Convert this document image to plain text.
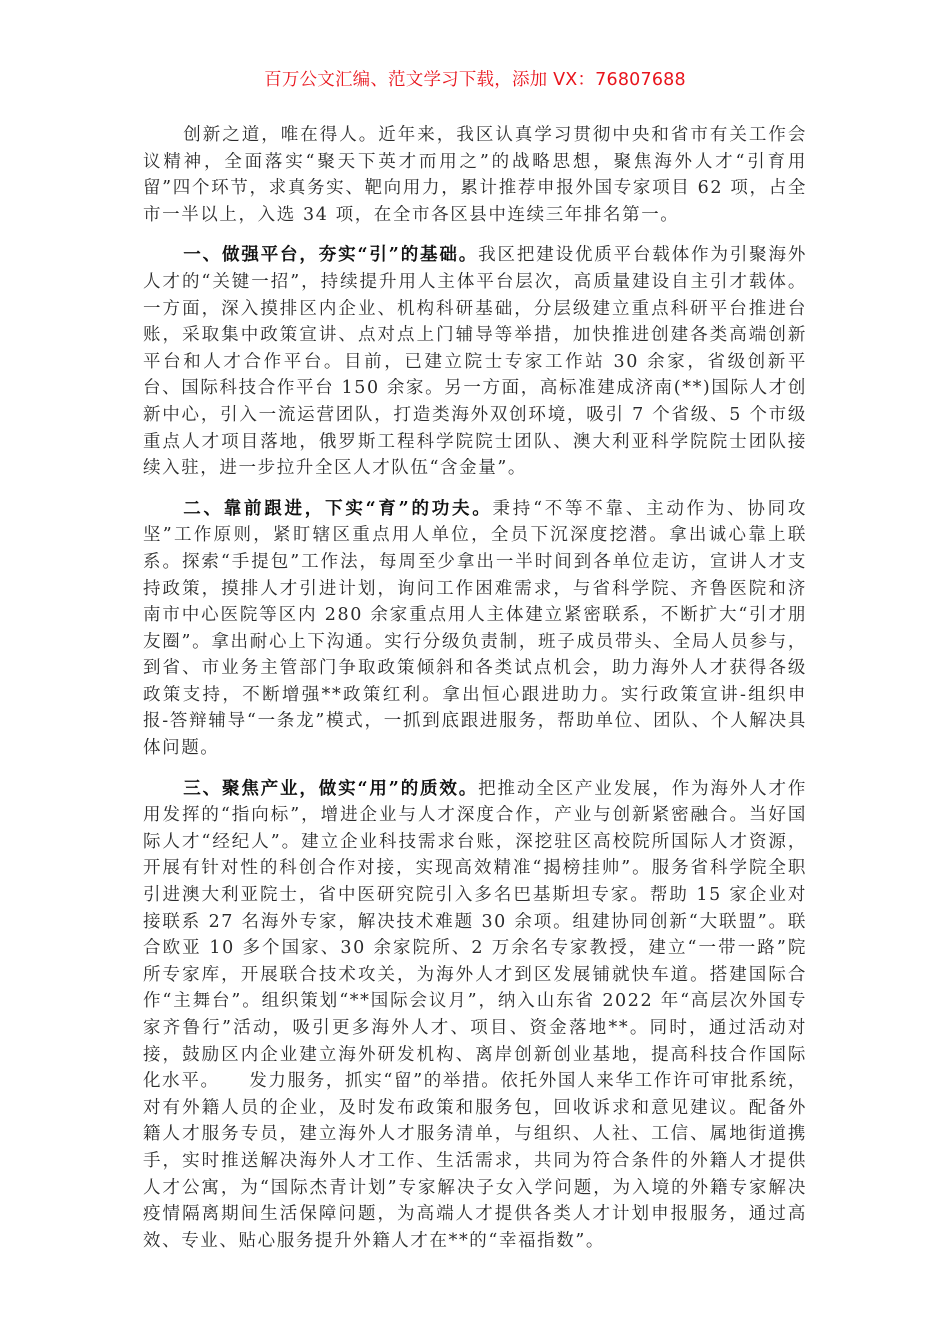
百万公文汇编、范文学习下载，添加 VX：76807688

创新之道，唯在得人。近年来，我区认真学习贯彻中央和省市有关工作会议精神，全面落实“聚天下英才而用之”的战略思想，聚焦海外人才“引育用留”四个环节，求真务实、靶向用力，累计推荐申报外国专家项目 62 项，占全市一半以上，入选 34 项，在全市各区县中连续三年排名第一。

一、做强平台，夯实“引”的基础。我区把建设优质平台载体作为引聚海外人才的“关键一招”，持续提升用人主体平台层次，高质量建设自主引才载体。一方面，深入摸排区内企业、机构科研基础，分层级建立重点科研平台推进台账，采取集中政策宣讲、点对点上门辅导等举措，加快推进创建各类高端创新平台和人才合作平台。目前，已建立院士专家工作站 30 余家，省级创新平台、国际科技合作平台 150 余家。另一方面，高标准建成济南(**)国际人才创新中心，引入一流运营团队，打造类海外双创环境，吸引 7 个省级、5 个市级重点人才项目落地，俄罗斯工程科学院院士团队、澳大利亚科学院院士团队接续入驻，进一步拉升全区人才队伍“含金量”。

二、靠前跟进，下实“育”的功夫。秉持“不等不靠、主动作为、协同攻坚”工作原则，紧盯辖区重点用人单位，全员下沉深度挖潜。拿出诚心靠上联系。探索“手提包”工作法，每周至少拿出一半时间到各单位走访，宣讲人才支持政策，摸排人才引进计划，询问工作困难需求，与省科学院、齐鲁医院和济南市中心医院等区内 280 余家重点用人主体建立紧密联系，不断扩大“引才朋友圈”。拿出耐心上下沟通。实行分级负责制，班子成员带头、全局人员参与，到省、市业务主管部门争取政策倾斜和各类试点机会，助力海外人才获得各级政策支持，不断增强**政策红利。拿出恒心跟进助力。实行政策宣讲-组织申报-答辩辅导“一条龙”模式，一抓到底跟进服务，帮助单位、团队、个人解决具体问题。

三、聚焦产业，做实“用”的质效。把推动全区产业发展，作为海外人才作用发挥的“指向标”，增进企业与人才深度合作，产业与创新紧密融合。当好国际人才“经纪人”。建立企业科技需求台账，深挖驻区高校院所国际人才资源，开展有针对性的科创合作对接，实现高效精准“揭榜挂帅”。服务省科学院全职引进澳大利亚院士，省中医研究院引入多名巴基斯坦专家。帮助 15 家企业对接联系 27 名海外专家，解决技术难题 30 余项。组建协同创新“大联盟”。联合欧亚 10 多个国家、30 余家院所、2 万余名专家教授，建立“一带一路”院所专家库，开展联合技术攻关，为海外人才到区发展铺就快车道。搭建国际合作“主舞台”。组织策划“**国际会议月”，纳入山东省 2022 年“高层次外国专家齐鲁行”活动，吸引更多海外人才、项目、资金落地**。同时，通过活动对接，鼓励区内企业建立海外研发机构、离岸创新创业基地，提高科技合作国际化水平。　　发力服务，抓实“留”的举措。依托外国人来华工作许可审批系统，对有外籍人员的企业，及时发布政策和服务包，回收诉求和意见建议。配备外籍人才服务专员，建立海外人才服务清单，与组织、人社、工信、属地街道携手，实时推送解决海外人才工作、生活需求，共同为符合条件的外籍人才提供人才公寓，为“国际杰青计划”专家解决子女入学问题，为入境的外籍专家解决疫情隔离期间生活保障问题，为高端人才提供各类人才计划申报服务，通过高效、专业、贴心服务提升外籍人才在**的“幸福指数”。
